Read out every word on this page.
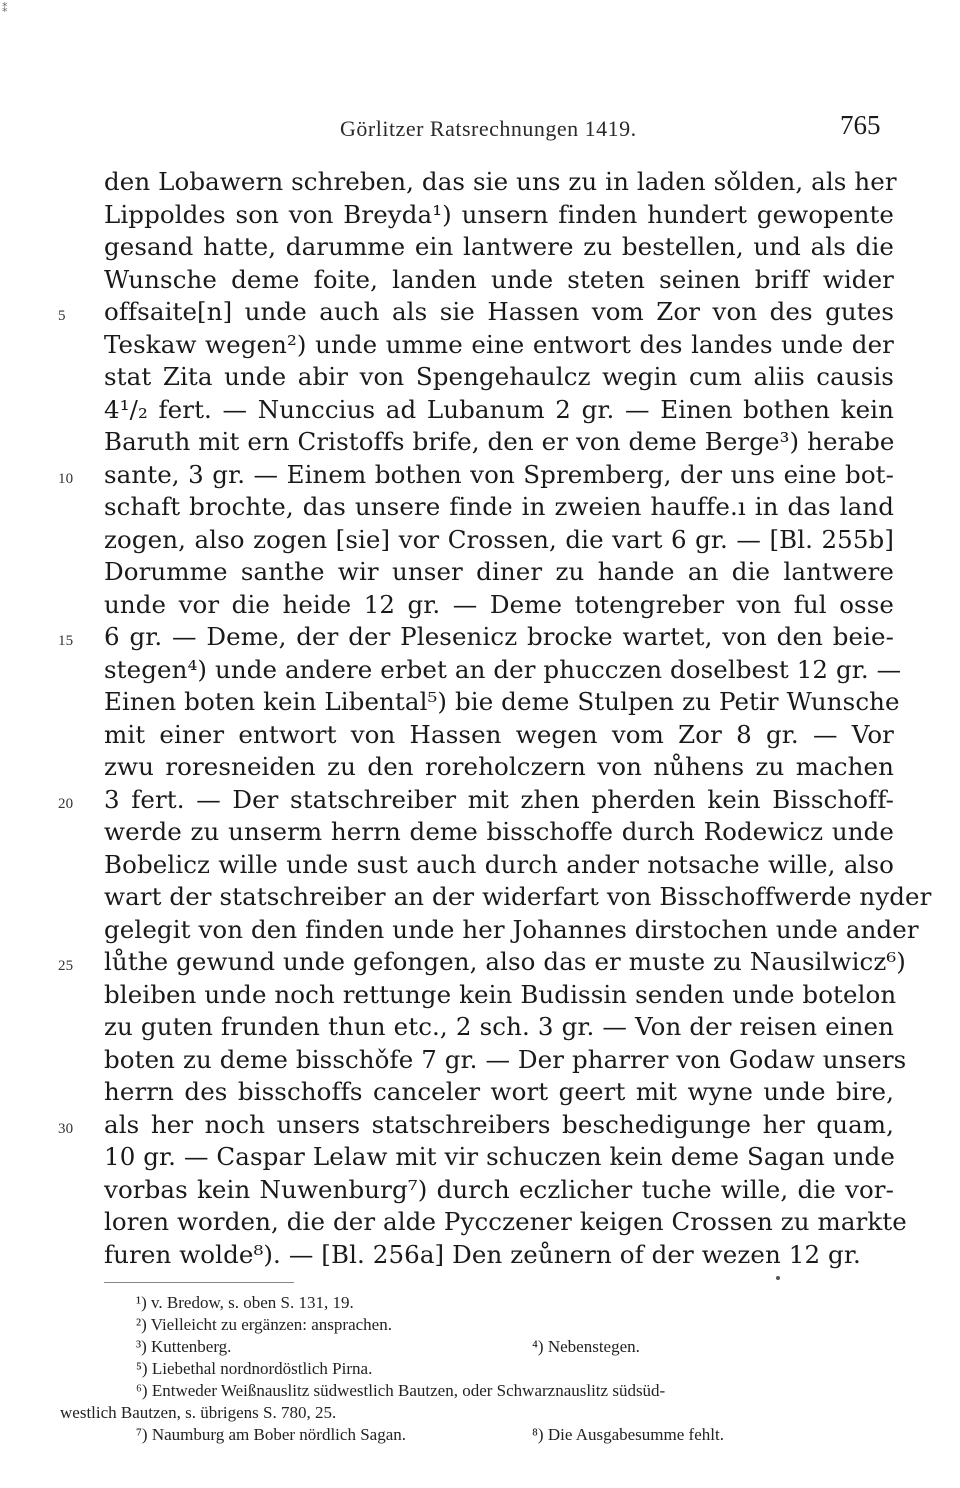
⁑
Görlitzer Ratsrechnungen 1419.	765
den Lobawern schreben, das sie uns zu in laden sǒlden, als her
Lippoldes son von Breyda¹) unsern finden hundert gewopente
gesand hatte, darumme ein lantwere zu bestellen, und als die
Wunsche deme foite, landen unde steten seinen briff wider
5	offsaite[n] unde auch als sie Hassen vom Zor von des gutes
Teskaw wegen²) unde umme eine entwort des landes unde der
stat Zita unde abir von Spengehaulcz wegin cum aliis causis
4¹/₂ fert. — Nunccius ad Lubanum 2 gr. — Einen bothen kein
Baruth mit ern Cristoffs brife, den er von deme Berge³) herabe
10	sante, 3 gr. — Einem bothen von Spremberg, der uns eine bot-
schaft brochte, das unsere finde in zweien hauffe.ı in das land
zogen, also zogen [sie] vor Crossen, die vart 6 gr. — [Bl. 255b]
Dorumme santhe wir unser diner zu hande an die lantwere
unde vor die heide 12 gr. — Deme totengreber von ful osse
15	6 gr. — Deme, der der Plesenicz brocke wartet, von den beie-
stegen⁴) unde andere erbet an der phucczen doselbest 12 gr. —
Einen boten kein Libental⁵) bie deme Stulpen zu Petir Wunsche
mit einer entwort von Hassen wegen vom Zor 8 gr. — Vor
zwu roresneiden zu den roreholczern von nůhens zu machen
20	3 fert. — Der statschreiber mit zhen pherden kein Bisschoff-
werde zu unserm herrn deme bisschoffe durch Rodewicz unde
Bobelicz wille unde sust auch durch ander notsache wille, also
wart der statschreiber an der widerfart von Bisschoffwerde nyder
gelegit von den finden unde her Johannes dirstochen unde ander
25	lůthe gewund unde gefongen, also das er muste zu Nausilwicz⁶)
bleiben unde noch rettunge kein Budissin senden unde botelon
zu guten frunden thun etc., 2 sch. 3 gr. — Von der reisen einen
boten zu deme bisschǒfe 7 gr. — Der pharrer von Godaw unsers
herrn des bisschoffs canceler wort geert mit wyne unde bire,
30	als her noch unsers statschreibers beschedigunge her quam,
10 gr. — Caspar Lelaw mit vir schuczen kein deme Sagan unde
vorbas kein Nuwenburg⁷) durch eczlicher tuche wille, die vor-
loren worden, die der alde Pycczener keigen Crossen zu markte
furen wolde⁸). — [Bl. 256a] Den zeůnern of der wezen 12 gr.
¹) v. Bredow, s. oben S. 131, 19.
²) Vielleicht zu ergänzen: ansprachen.
³) Kuttenberg.	⁴) Nebenstegen.
⁵) Liebethal nordnordöstlich Pirna.
⁶) Entweder Weißnauslitz südwestlich Bautzen, oder Schwarznauslitz südsüd-
westlich Bautzen, s. übrigens S. 780, 25.
⁷) Naumburg am Bober nördlich Sagan.	⁸) Die Ausgabesumme fehlt.
